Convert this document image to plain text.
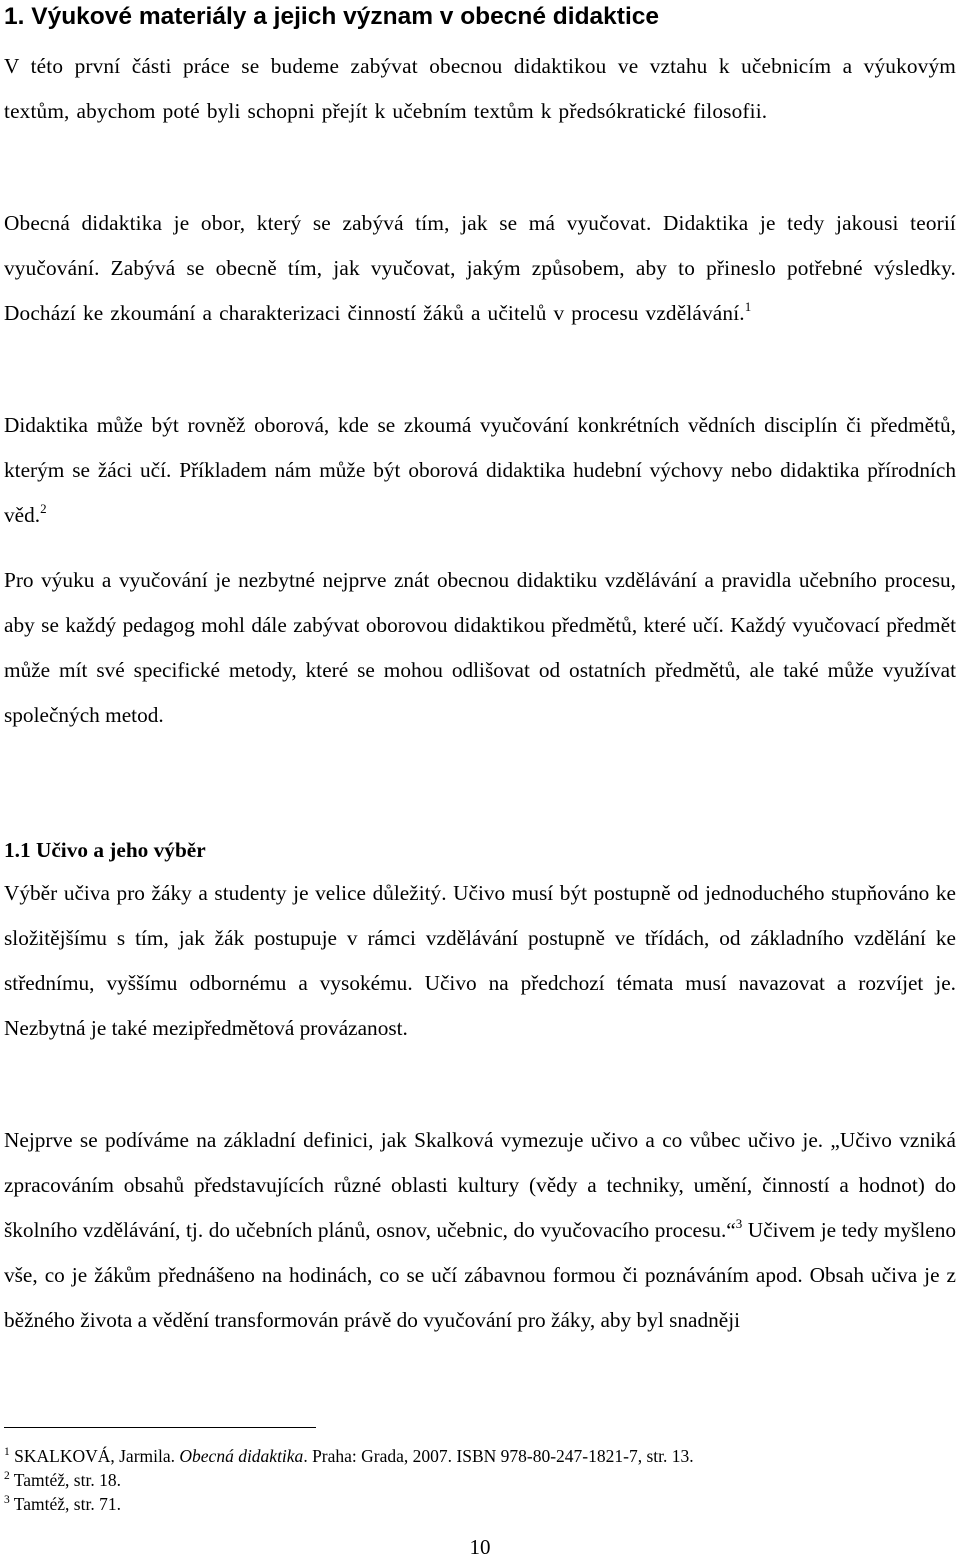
1. Výukové materiály a jejich význam v obecné didaktice
V této první části práce se budeme zabývat obecnou didaktikou ve vztahu k učebnicím a výukovým textům, abychom poté byli schopni přejít k učebním textům k předsókratické filosofii.
Obecná didaktika je obor, který se zabývá tím, jak se má vyučovat. Didaktika je tedy jakousi teorií vyučování. Zabývá se obecně tím, jak vyučovat, jakým způsobem, aby to přineslo potřebné výsledky. Dochází ke zkoumání a charakterizaci činností žáků a učitelů v procesu vzdělávání.$^1$
Didaktika může být rovněž oborová, kde se zkoumá vyučování konkrétních vědních disciplín či předmětů, kterým se žáci učí. Příkladem nám může být oborová didaktika hudební výchovy nebo didaktika přírodních věd.$^2$
Pro výuku a vyučování je nezbytné nejprve znát obecnou didaktiku vzdělávání a pravidla učebního procesu, aby se každý pedagog mohl dále zabývat oborovou didaktikou předmětů, které učí. Každý vyučovací předmět může mít své specifické metody, které se mohou odlišovat od ostatních předmětů, ale také může využívat společných metod.
1.1 Učivo a jeho výběr
Výběr učiva pro žáky a studenty je velice důležitý. Učivo musí být postupně od jednoduchého stupňováno ke složitějšímu s tím, jak žák postupuje v rámci vzdělávání postupně ve třídách, od základního vzdělání ke střednímu, vyššímu odbornému a vysokému. Učivo na předchozí témata musí navazovat a rozvíjet je. Nezbytná je také mezipředmětová provázanost.
Nejprve se podíváme na základní definici, jak Skalková vymezuje učivo a co vůbec učivo je. „Učivo vzniká zpracováním obsahů představujících různé oblasti kultury (vědy a techniky, umění, činností a hodnot) do školního vzdělávání, tj. do učebních plánů, osnov, učebnic, do vyučovacího procesu.“$^3$ Učivem je tedy myšleno vše, co je žákům přednášeno na hodinách, co se učí zábavnou formou či poznáváním apod. Obsah učiva je z běžného života a vědění transformován právě do vyučování pro žáky, aby byl snadněji
$^1$ SKALKOVÁ, Jarmila. Obecná didaktika. Praha: Grada, 2007. ISBN 978-80-247-1821-7, str. 13.
$^2$ Tamtéž, str. 18.
$^3$ Tamtéž, str. 71.
10
